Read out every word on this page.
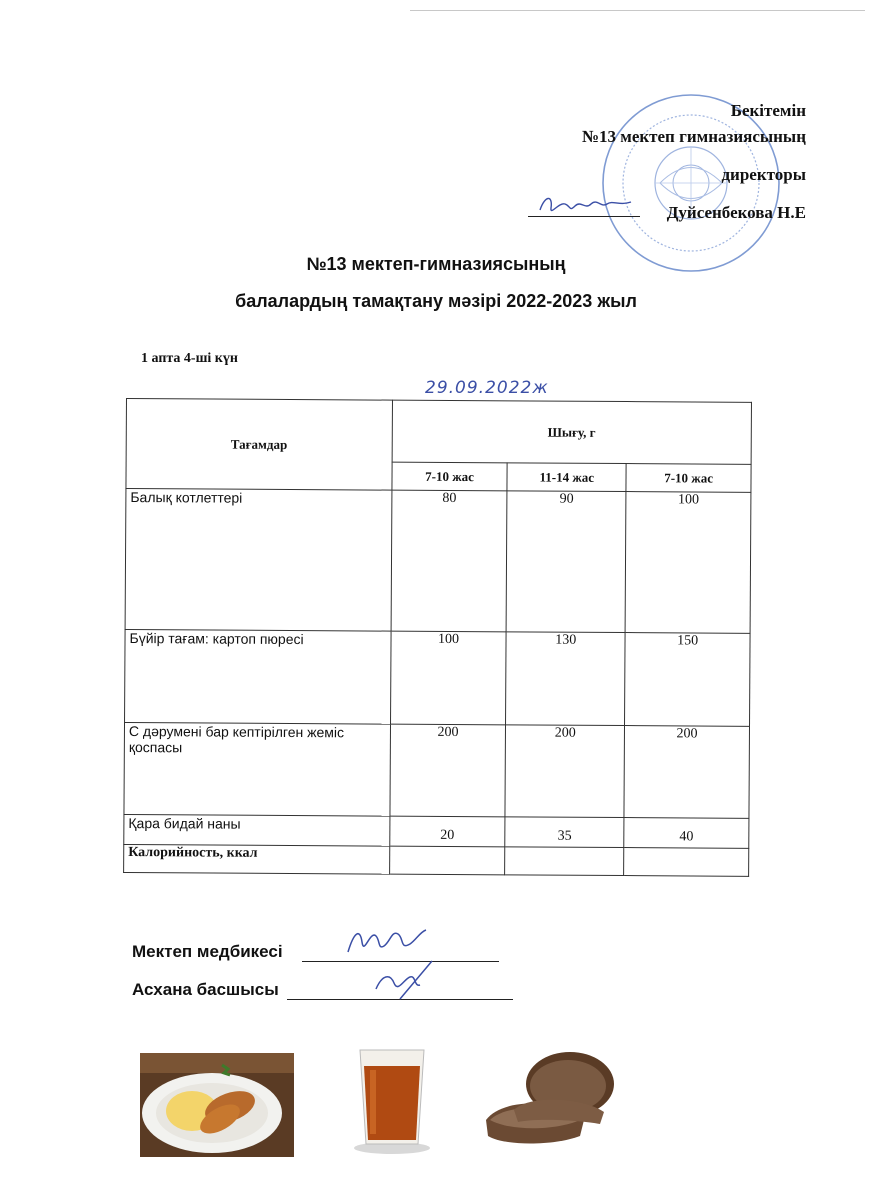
Бекітемін
№13 мектеп гимназиясының
директоры
Дуйсенбекова Н.Е
№13 мектеп-гимназиясының
балалардың тамақтану мәзірі 2022-2023 жыл
1 апта 4-ші күн
29.09.2022ж
Тағамдар	Шығу, г		
	7-10 жас	11-14 жас	7-10 жас
Балық котлеттері	80	90	100
Бүйір тағам: картоп пюресі	100	130	150
С дәрумені бар кептірілген жеміс қоспасы	200	200	200
Қара бидай наны	20	35	40
Калорийность, ккал			
Мектеп медбикесі
Асхана басшысы
